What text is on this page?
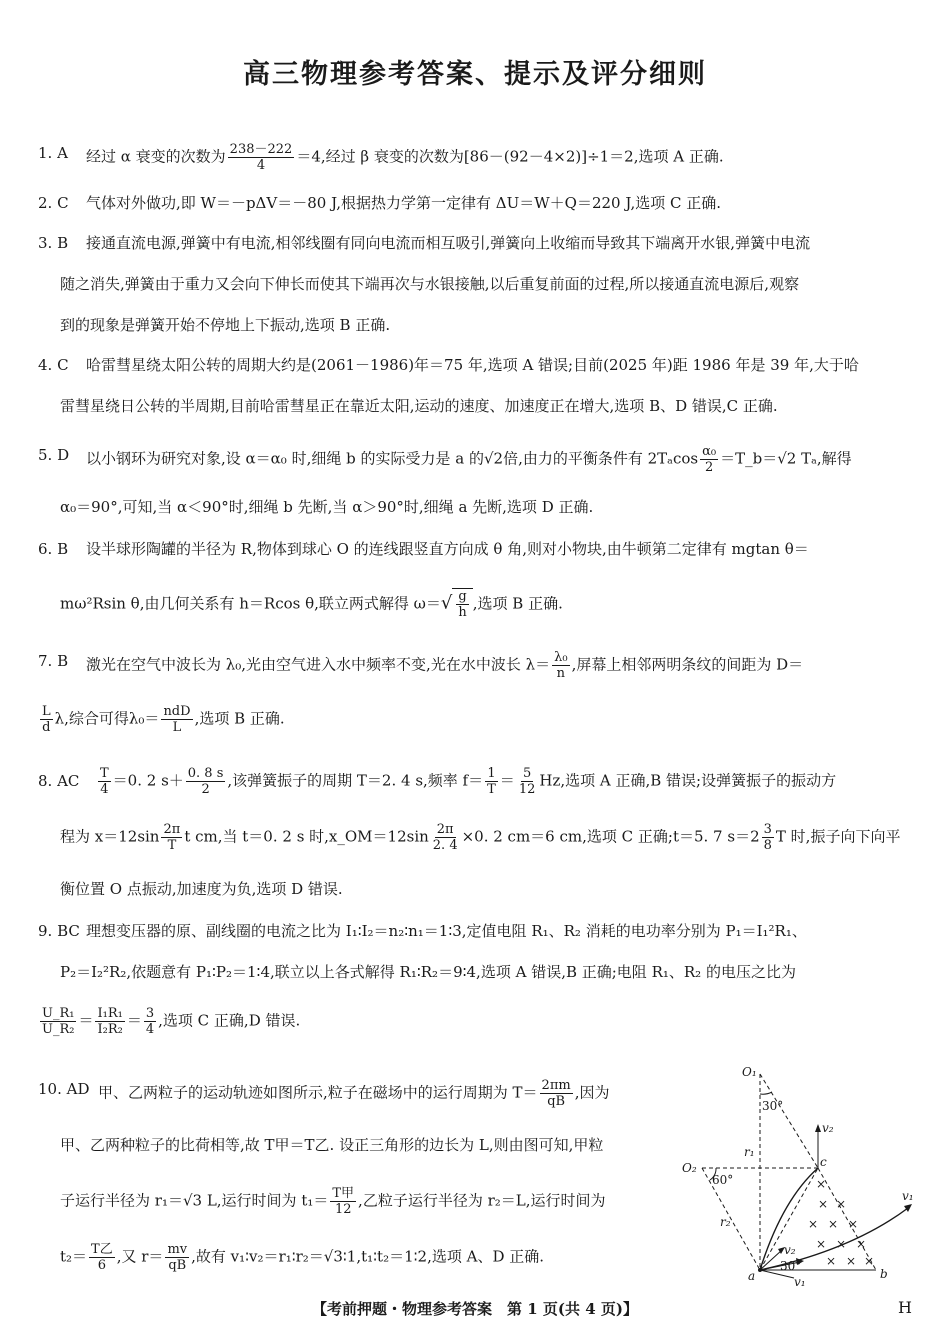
高三物理参考答案、提示及评分细则
1. A 经过 α 衰变的次数为 $\frac{238-222}{4} =4$,经过 β 衰变的次数为[86－(92－4×2)]÷1＝2,选项 A 正确.
2. C 气体对外做功,即 W＝－pΔV＝－80 J,根据热力学第一定律有 ΔU＝W＋Q＝220 J,选项 C 正确.
3. B 接通直流电源,弹簧中有电流,相邻线圈有同向电流而相互吸引,弹簧向上收缩而导致其下端离开水银,弹簧中电流
随之消失,弹簧由于重力又会向下伸长而使其下端再次与水银接触,以后重复前面的过程,所以接通直流电源后,观察
到的现象是弹簧开始不停地上下振动,选项 B 正确.
4. C 哈雷彗星绕太阳公转的周期大约是(2061－1986)年＝75 年,选项 A 错误;目前(2025 年)距 1986 年是 39 年,大于哈
雷彗星绕日公转的半周期,目前哈雷彗星正在靠近太阳,运动的速度、加速度正在增大,选项 B、D 错误,C 正确.
5. D 以小钢环为研究对象,设 α＝α₀ 时,细绳 b 的实际受力是 a 的√2倍,由力的平衡条件有 $2T_a\cos \frac{\text{α₀}}{2}$ ＝T_b＝√2 Tₐ,解得
α₀＝90°,可知,当 α＜90°时,细绳 b 先断,当 α＞90°时,细绳 a 先断,选项 D 正确.
6. B 设半球形陶罐的半径为 R,物体到球心 O 的连线跟竖直方向成 θ 角,则对小物块,由牛顿第二定律有 mgtan θ＝
mω²Rsin θ,由几何关系有 h＝Rcos θ,联立两式解得 $\omega=√ \frac{g}{h}$ ,选项 B 正确.
7. B 激光在空气中波长为 λ₀,光由空气进入水中频率不变,光在水中波长 $\lambda= \frac{\text{λ₀}}{n}$ ,屏幕上相邻两明条纹的间距为 D＝
$\frac{L}{d} \lambda$,综合可得$\lambda_0= \frac{\text{ndD}}{L}$ ,选项 B 正确.
8. AC $\frac{T}{4} =0$. 2 $s+ \frac{0. 8 s}{2}$ ,该弹簧振子的周期 T＝2. 4 s,频率 $f= \frac{1}{T} = \frac{5}{12} Hz$,选项 A 正确,B 错误;设弹簧振子的振动方
程为 $x=12\sin \frac{2\pi}{T}$ t cm,当 t＝0. 2 s 时,x_OM＝12sin $\frac{2\pi}{2. 4} \times 0$. 2 cm＝6 cm,选项 C 正确;t＝5. 7 $s=2 \frac{3}{8}$ T 时,振子向下向平
衡位置 O 点振动,加速度为负,选项 D 错误.
9. BC 理想变压器的原、副线圈的电流之比为 I₁∶I₂＝n₂∶n₁＝1∶3,定值电阻 R₁、R₂ 消耗的电功率分别为 P₁＝I₁²R₁、
P₂＝I₂²R₂,依题意有 P₁∶P₂＝1∶4,联立以上各式解得 R₁∶R₂＝9∶4,选项 A 错误,B 正确;电阻 R₁、R₂ 的电压之比为
$\frac{\text{U\_R₁}}{\text{U\_R₂}} = \frac{\text{I₁R₁}}{\text{I₂R₂}} = \frac{3}{4}$ ,选项 C 正确,D 错误.
10. AD 甲、乙两粒子的运动轨迹如图所示,粒子在磁场中的运行周期为 $T= \frac{2\pi m}{qB}$ ,因为
甲、乙两种粒子的比荷相等,故 T甲＝T乙. 设正三角形的边长为 L,则由图可知,甲粒
子运行半径为 r₁＝√3 L,运行时间为 $t_1= \frac{\text{T甲}}{12}$ ,乙粒子运行半径为 r₂＝L,运行时间为
$t_2= \frac{\text{T乙}}{6}$ ,又 $r= \frac{mv}{qB}$ ,故有 v₁∶v₂＝r₁∶r₂＝√3∶1,t₁∶t₂＝1∶2,选项 A、D 正确.	× × ×
× × ×
× × ×
× ×
×
O₁
O₂
a	b
c
r₁
r₂
v₁
v₁
v₂
v₂
30°
60°
30°
【考前押题・物理参考答案　第 1 页(共 4 页)】	H
